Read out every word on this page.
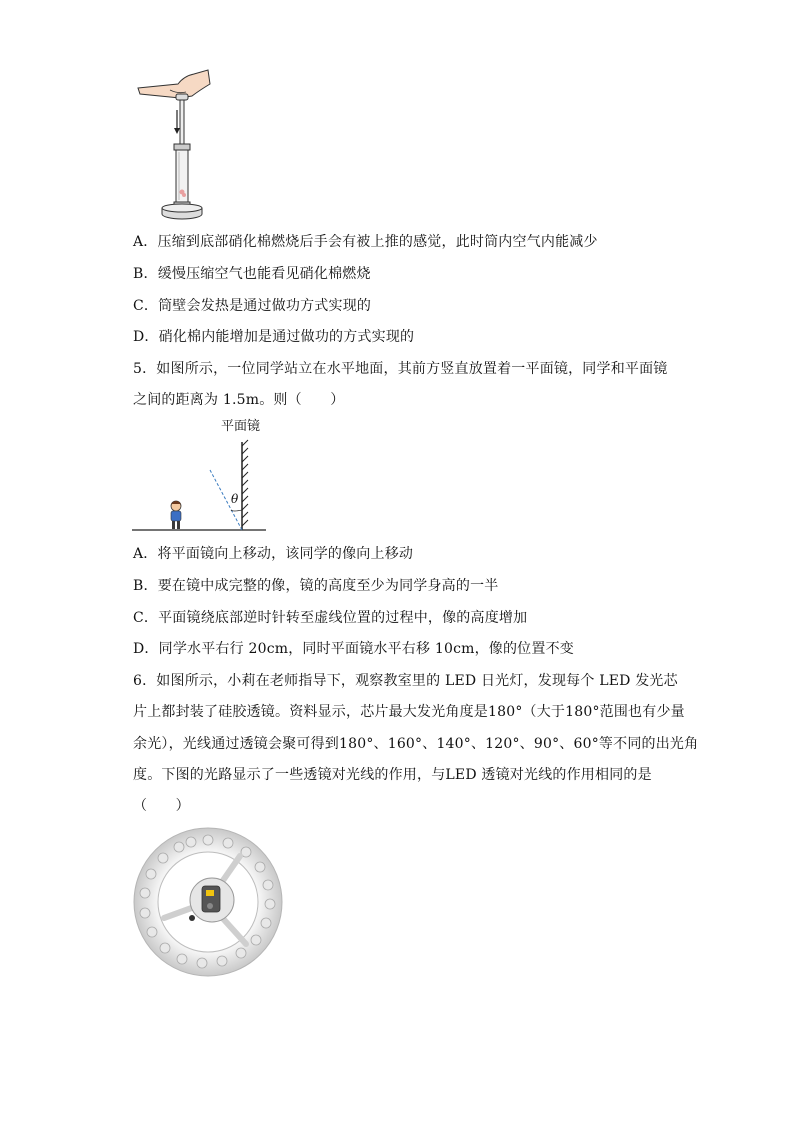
A．压缩到底部硝化棉燃烧后手会有被上推的感觉，此时筒内空气内能减少
B．缓慢压缩空气也能看见硝化棉燃烧
C．筒壁会发热是通过做功方式实现的
D．硝化棉内能增加是通过做功的方式实现的
5．如图所示，一位同学站立在水平地面，其前方竖直放置着一平面镜，同学和平面镜
之间的距离为 1.5m。则（　　）
平面镜
θ
A．将平面镜向上移动，该同学的像向上移动
B．要在镜中成完整的像，镜的高度至少为同学身高的一半
C．平面镜绕底部逆时针转至虚线位置的过程中，像的高度增加
D．同学水平右行 20cm，同时平面镜水平右移 10cm，像的位置不变
6．如图所示，小莉在老师指导下，观察教室里的 LED 日光灯，发现每个 LED 发光芯
片上都封装了硅胶透镜。资料显示，芯片最大发光角度是180°（大于180°范围也有少量
余光），光线通过透镜会聚可得到180°、160°、140°、120°、90°、60°等不同的出光角
度。下图的光路显示了一些透镜对光线的作用，与LED 透镜对光线的作用相同的是
（　　）
